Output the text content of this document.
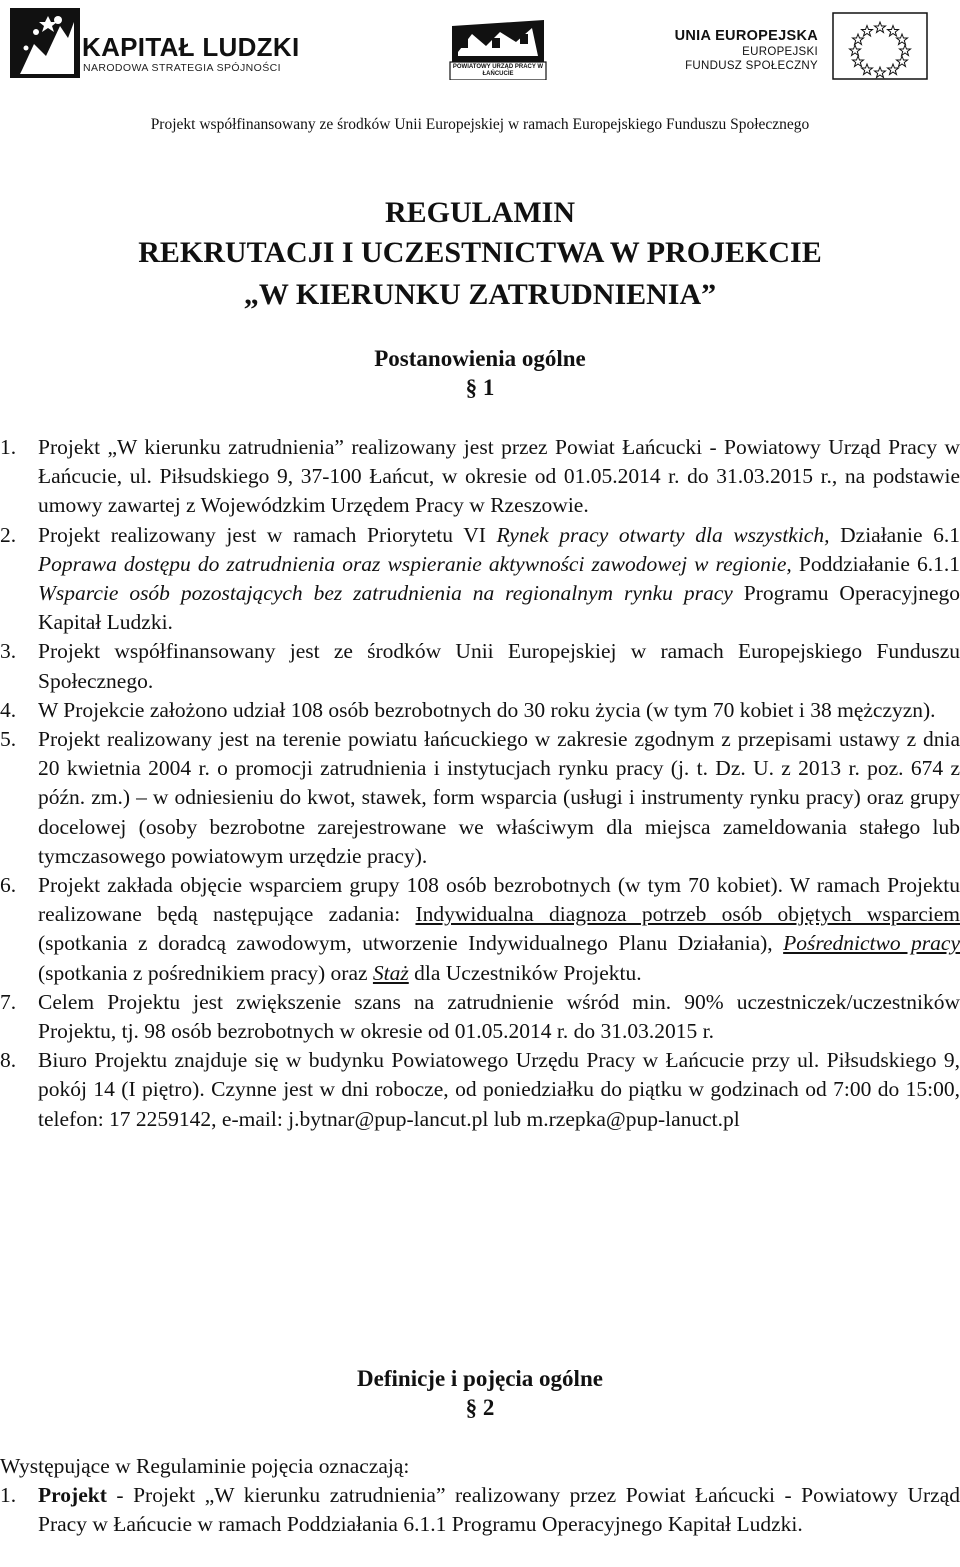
KAPITAŁ LUDZKI
NARODOWA STRATEGIA SPÓJNOŚCI	POWIATOWY URZĄD PRACY W ŁAŃCUCIE
UNIA EUROPEJSKA
EUROPEJSKI
FUNDUSZ SPOŁECZNY
Projekt współfinansowany ze środków Unii Europejskiej w ramach Europejskiego Funduszu Społecznego
REGULAMIN
REKRUTACJI I UCZESTNICTWA W PROJEKCIE
„W KIERUNKU ZATRUDNIENIA”
Postanowienia ogólne
§ 1
1. Projekt „W kierunku zatrudnienia” realizowany jest przez Powiat Łańcucki - Powiatowy Urząd Pracy w Łańcucie, ul. Piłsudskiego 9, 37-100 Łańcut, w okresie od 01.05.2014 r. do 31.03.2015 r., na podstawie umowy zawartej z Wojewódzkim Urzędem Pracy w Rzeszowie.
2. Projekt realizowany jest w ramach Priorytetu VI Rynek pracy otwarty dla wszystkich, Działanie 6.1 Poprawa dostępu do zatrudnienia oraz wspieranie aktywności zawodowej w regionie, Poddziałanie 6.1.1 Wsparcie osób pozostających bez zatrudnienia na regionalnym rynku pracy Programu Operacyjnego Kapitał Ludzki.
3. Projekt współfinansowany jest ze środków Unii Europejskiej w ramach Europejskiego Funduszu Społecznego.
4. W Projekcie założono udział 108 osób bezrobotnych do 30 roku życia (w tym 70 kobiet i 38 mężczyzn).
5. Projekt realizowany jest na terenie powiatu łańcuckiego w zakresie zgodnym z przepisami ustawy z dnia 20 kwietnia 2004 r. o promocji zatrudnienia i instytucjach rynku pracy (j. t. Dz. U. z 2013 r. poz. 674 z późn. zm.) – w odniesieniu do kwot, stawek, form wsparcia (usługi i instrumenty rynku pracy) oraz grupy docelowej (osoby bezrobotne zarejestrowane we właściwym dla miejsca zameldowania stałego lub tymczasowego powiatowym urzędzie pracy).
6. Projekt zakłada objęcie wsparciem grupy 108 osób bezrobotnych (w tym 70 kobiet). W ramach Projektu realizowane będą następujące zadania: Indywidualna diagnoza potrzeb osób objętych wsparciem (spotkania z doradcą zawodowym, utworzenie Indywidualnego Planu Działania), Pośrednictwo pracy (spotkania z pośrednikiem pracy) oraz Staż dla Uczestników Projektu.
7. Celem Projektu jest zwiększenie szans na zatrudnienie wśród min. 90% uczestniczek/uczestników Projektu, tj. 98 osób bezrobotnych w okresie od 01.05.2014 r. do 31.03.2015 r.
8. Biuro Projektu znajduje się w budynku Powiatowego Urzędu Pracy w Łańcucie przy ul. Piłsudskiego 9, pokój 14 (I piętro). Czynne jest w dni robocze, od poniedziałku do piątku w godzinach od 7:00 do 15:00, telefon: 17 2259142, e-mail: j.bytnar@pup-lancut.pl lub m.rzepka@pup-lanuct.pl
Definicje i pojęcia ogólne
§ 2
Występujące w Regulaminie pojęcia oznaczają:
1. Projekt - Projekt „W kierunku zatrudnienia” realizowany przez Powiat Łańcucki - Powiatowy Urząd Pracy w Łańcucie w ramach Poddziałania 6.1.1 Programu Operacyjnego Kapitał Ludzki.
